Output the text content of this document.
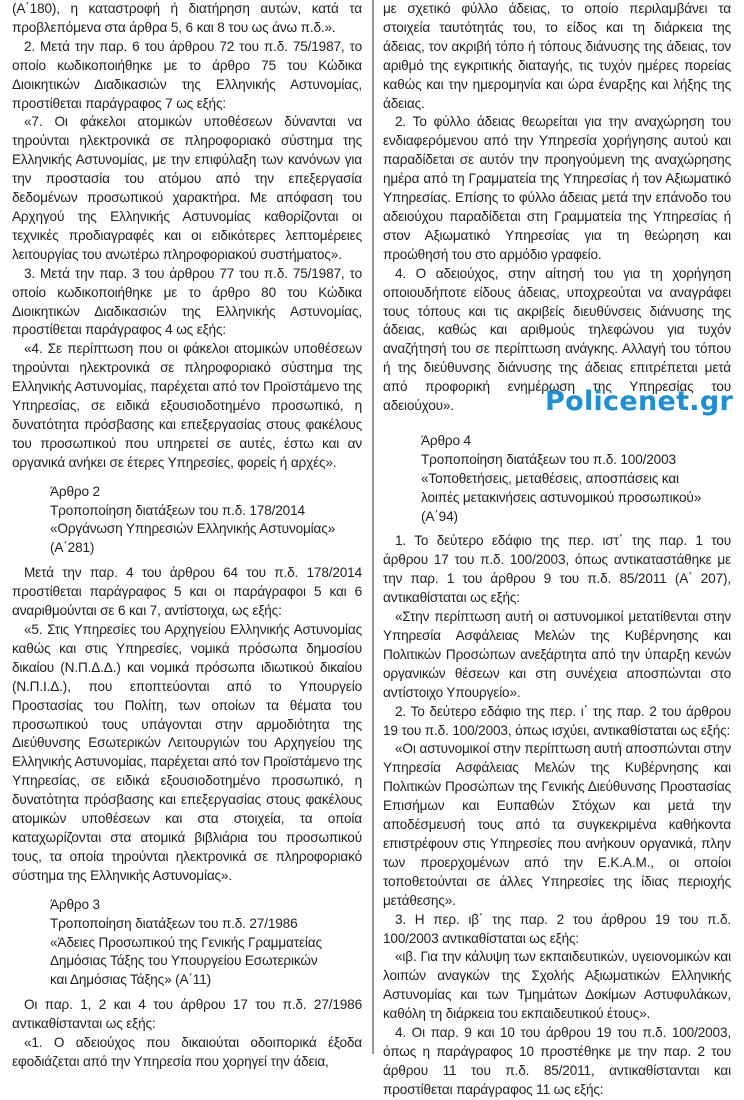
(Α΄180), η καταστροφή ή διατήρηση αυτών, κατά τα προβλεπόμενα στα άρθρα 5, 6 και 8 του ως άνω π.δ.».

2. Μετά την παρ. 6 του άρθρου 72 του π.δ. 75/1987, το οποίο κωδικοποιήθηκε με το άρθρο 75 του Κώδικα Διοικητικών Διαδικασιών της Ελληνικής Αστυνομίας, προστίθεται παράγραφος 7 ως εξής:

«7. Οι φάκελοι ατομικών υποθέσεων δύνανται να τηρούνται ηλεκτρονικά σε πληροφοριακό σύστημα της Ελληνικής Αστυνομίας, με την επιφύλαξη των κανόνων για την προστασία του ατόμου από την επεξεργασία δεδομένων προσωπικού χαρακτήρα. Με απόφαση του Αρχηγού της Ελληνικής Αστυνομίας καθορίζονται οι τεχνικές προδιαγραφές και οι ειδικότερες λεπτομέρειες λειτουργίας του ανωτέρω πληροφοριακού συστήματος».

3. Μετά την παρ. 3 του άρθρου 77 του π.δ. 75/1987, το οποίο κωδικοποιήθηκε με το άρθρο 80 του Κώδικα Διοικητικών Διαδικασιών της Ελληνικής Αστυνομίας, προστίθεται παράγραφος 4 ως εξής:

«4. Σε περίπτωση που οι φάκελοι ατομικών υποθέσεων τηρούνται ηλεκτρονικά σε πληροφοριακό σύστημα της Ελληνικής Αστυνομίας, παρέχεται από τον Προϊστάμενο της Υπηρεσίας, σε ειδικά εξουσιοδοτημένο προσωπικό, η δυνατότητα πρόσβασης και επεξεργασίας στους φακέλους του προσωπικού που υπηρετεί σε αυτές, έστω και αν οργανικά ανήκει σε έτερες Υπηρεσίες, φορείς ή αρχές».

Άρθρο 2
Τροποποίηση διατάξεων του π.δ. 178/2014
«Οργάνωση Υπηρεσιών Ελληνικής Αστυνομίας»
(Α΄281)

Μετά την παρ. 4 του άρθρου 64 του π.δ. 178/2014 προστίθεται παράγραφος 5 και οι παράγραφοι 5 και 6 αναριθμούνται σε 6 και 7, αντίστοιχα, ως εξής:

«5. Στις Υπηρεσίες του Αρχηγείου Ελληνικής Αστυνομίας καθώς και στις Υπηρεσίες, νομικά πρόσωπα δημοσίου δικαίου (Ν.Π.Δ.Δ.) και νομικά πρόσωπα ιδιωτικού δικαίου (Ν.Π.Ι.Δ.), που εποπτεύονται από το Υπουργείο Προστασίας του Πολίτη, των οποίων τα θέματα του προσωπικού τους υπάγονται στην αρμοδιότητα της Διεύθυνσης Εσωτερικών Λειτουργιών του Αρχηγείου της Ελληνικής Αστυνομίας, παρέχεται από τον Προϊστάμενο της Υπηρεσίας, σε ειδικά εξουσιοδοτημένο προσωπικό, η δυνατότητα πρόσβασης και επεξεργασίας στους φακέλους ατομικών υποθέσεων και στα στοιχεία, τα οποία καταχωρίζονται στα ατομικά βιβλιάρια του προσωπικού τους, τα οποία τηρούνται ηλεκτρονικά σε πληροφοριακό σύστημα της Ελληνικής Αστυνομίας».

Άρθρο 3
Τροποποίηση διατάξεων του π.δ. 27/1986
«Άδειες Προσωπικού της Γενικής Γραμματείας
Δημόσιας Τάξης του Υπουργείου Εσωτερικών
και Δημόσιας Τάξης» (Α΄11)

Οι παρ. 1, 2 και 4 του άρθρου 17 του π.δ. 27/1986 αντικαθίστανται ως εξής:

«1. Ο αδειούχος που δικαιούται οδοιπορικά έξοδα εφοδιάζεται από την Υπηρεσία που χορηγεί την άδεια,

με σχετικό φύλλο άδειας, το οποίο περιλαμβάνει τα στοιχεία ταυτότητάς του, το είδος και τη διάρκεια της άδειας, τον ακριβή τόπο ή τόπους διάνυσης της άδειας, τον αριθμό της εγκριτικής διαταγής, τις τυχόν ημέρες πορείας καθώς και την ημερομηνία και ώρα έναρξης και λήξης της άδειας.

2. Το φύλλο άδειας θεωρείται για την αναχώρηση του ενδιαφερόμενου από την Υπηρεσία χορήγησης αυτού και παραδίδεται σε αυτόν την προηγούμενη της αναχώρησης ημέρα από τη Γραμματεία της Υπηρεσίας ή τον Αξιωματικό Υπηρεσίας. Επίσης το φύλλο άδειας μετά την επάνοδο του αδειούχου παραδίδεται στη Γραμματεία της Υπηρεσίας ή στον Αξιωματικό Υπηρεσίας για τη θεώρηση και προώθησή του στο αρμόδιο γραφείο.

4. Ο αδειούχος, στην αίτησή του για τη χορήγηση οποιουδήποτε είδους άδειας, υποχρεούται να αναγράφει τους τόπους και τις ακριβείς διευθύνσεις διάνυσης της άδειας, καθώς και αριθμούς τηλεφώνου για τυχόν αναζήτησή του σε περίπτωση ανάγκης. Αλλαγή του τόπου ή της διεύθυνσης διάνυσης της άδειας επιτρέπεται μετά από προφορική ενημέρωση της Υπηρεσίας του αδειούχου».

Άρθρο 4
Τροποποίηση διατάξεων του π.δ. 100/2003
«Τοποθετήσεις, μεταθέσεις, αποσπάσεις και
λοιπές μετακινήσεις αστυνομικού προσωπικού»
(Α΄94)

1. Το δεύτερο εδάφιο της περ. ιστ΄ της παρ. 1 του άρθρου 17 του π.δ. 100/2003, όπως αντικαταστάθηκε με την παρ. 1 του άρθρου 9 του π.δ. 85/2011 (Α΄ 207), αντικαθίσταται ως εξής:

«Στην περίπτωση αυτή οι αστυνομικοί μετατίθενται στην Υπηρεσία Ασφάλειας Μελών της Κυβέρνησης και Πολιτικών Προσώπων ανεξάρτητα από την ύπαρξη κενών οργανικών θέσεων και στη συνέχεια αποσπώνται στο αντίστοιχο Υπουργείο».

2. Το δεύτερο εδάφιο της περ. ι΄ της παρ. 2 του άρθρου 19 του π.δ. 100/2003, όπως ισχύει, αντικαθίσταται ως εξής:

«Οι αστυνομικοί στην περίπτωση αυτή αποσπώνται στην Υπηρεσία Ασφάλειας Μελών της Κυβέρνησης και Πολιτικών Προσώπων της Γενικής Διεύθυνσης Προστασίας Επισήμων και Ευπαθών Στόχων και μετά την αποδέσμευσή τους από τα συγκεκριμένα καθήκοντα επιστρέφουν στις Υπηρεσίες που ανήκουν οργανικά, πλην των προερχομένων από την Ε.Κ.Α.Μ., οι οποίοι τοποθετούνται σε άλλες Υπηρεσίες της ίδιας περιοχής μετάθεσης».

3. Η περ. ιβ΄ της παρ. 2 του άρθρου 19 του π.δ. 100/2003 αντικαθίσταται ως εξής:

«ιβ. Για την κάλυψη των εκπαιδευτικών, υγειονομικών και λοιπών αναγκών της Σχολής Αξιωματικών Ελληνικής Αστυνομίας και των Τμημάτων Δοκίμων Αστυφυλάκων, καθόλη τη διάρκεια του εκπαιδευτικού έτους».

4. Οι παρ. 9 και 10 του άρθρου 19 του π.δ. 100/2003, όπως η παράγραφος 10 προστέθηκε με την παρ. 2 του άρθρου 11 του π.δ. 85/2011, αντικαθίστανται και προστίθεται παράγραφος 11 ως εξής:

Policenet.gr
